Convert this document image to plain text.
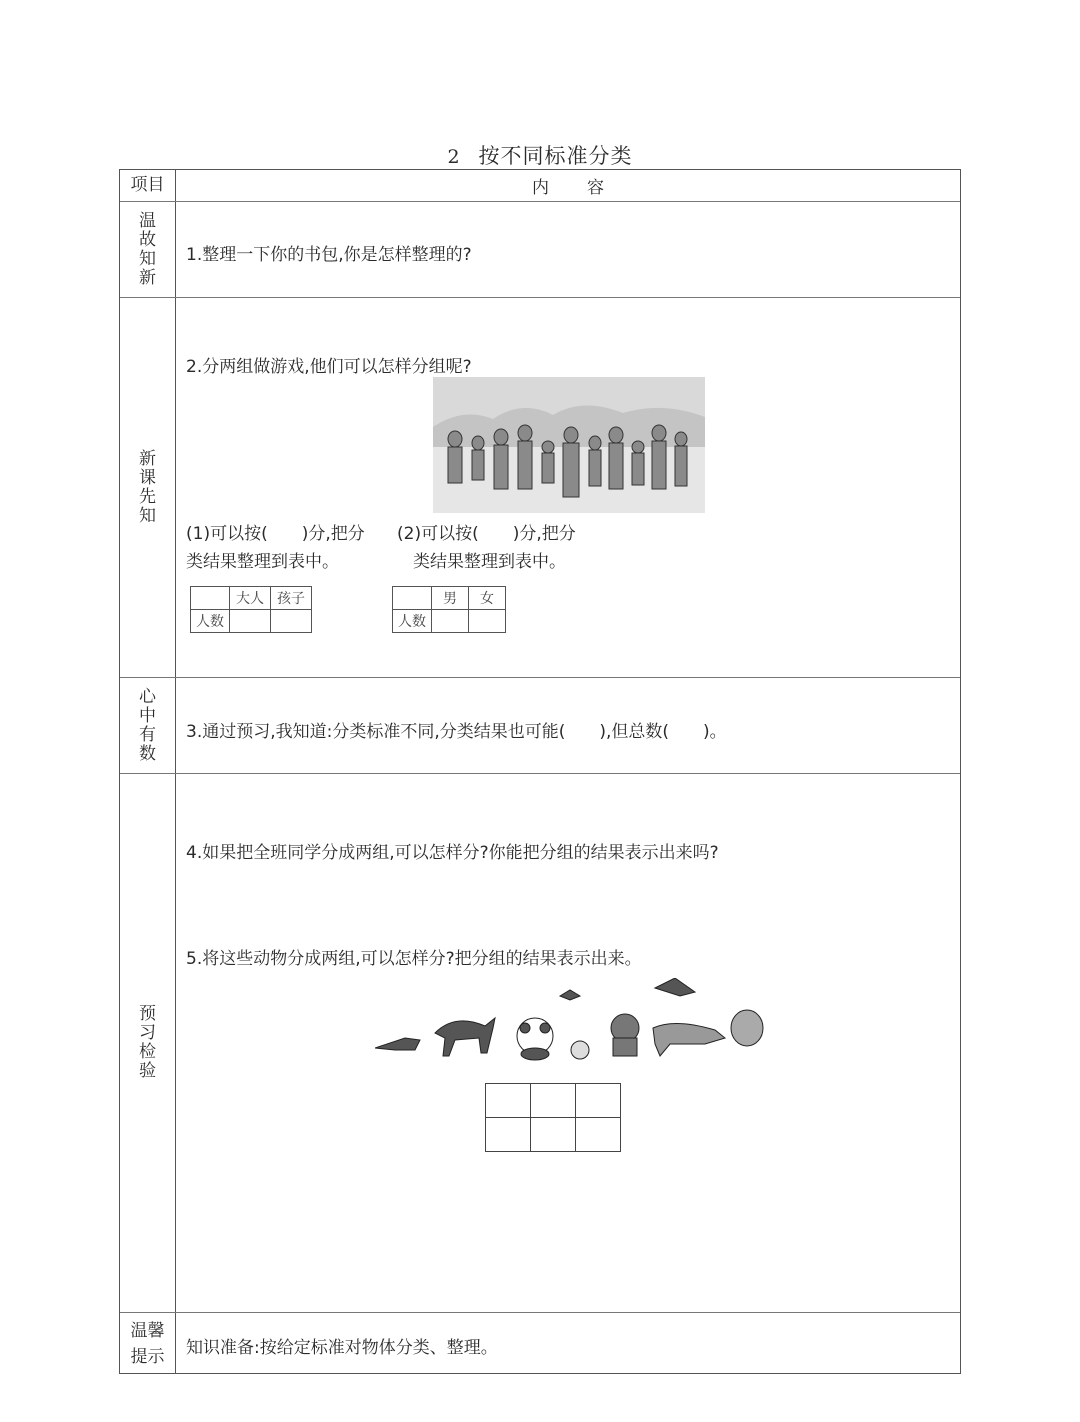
2 按不同标准分类
项目	内容
温故知新
1.整理一下你的书包,你是怎样整理的?
新课先知
2.分两组做游戏,他们可以怎样分组呢?
(1)可以按(　　)分,把分
类结果整理到表中。
(2)可以按(　　)分,把分
类结果整理到表中。
	大人	孩子
人数		
	男	女
人数		
心中有数
3.通过预习,我知道:分类标准不同,分类结果也可能(　　),但总数(　　)。
预习检验
4.如果把全班同学分成两组,可以怎样分?你能把分组的结果表示出来吗?
5.将这些动物分成两组,可以怎样分?把分组的结果表示出来。

温馨提示 知识准备:按给定标准对物体分类、整理。
